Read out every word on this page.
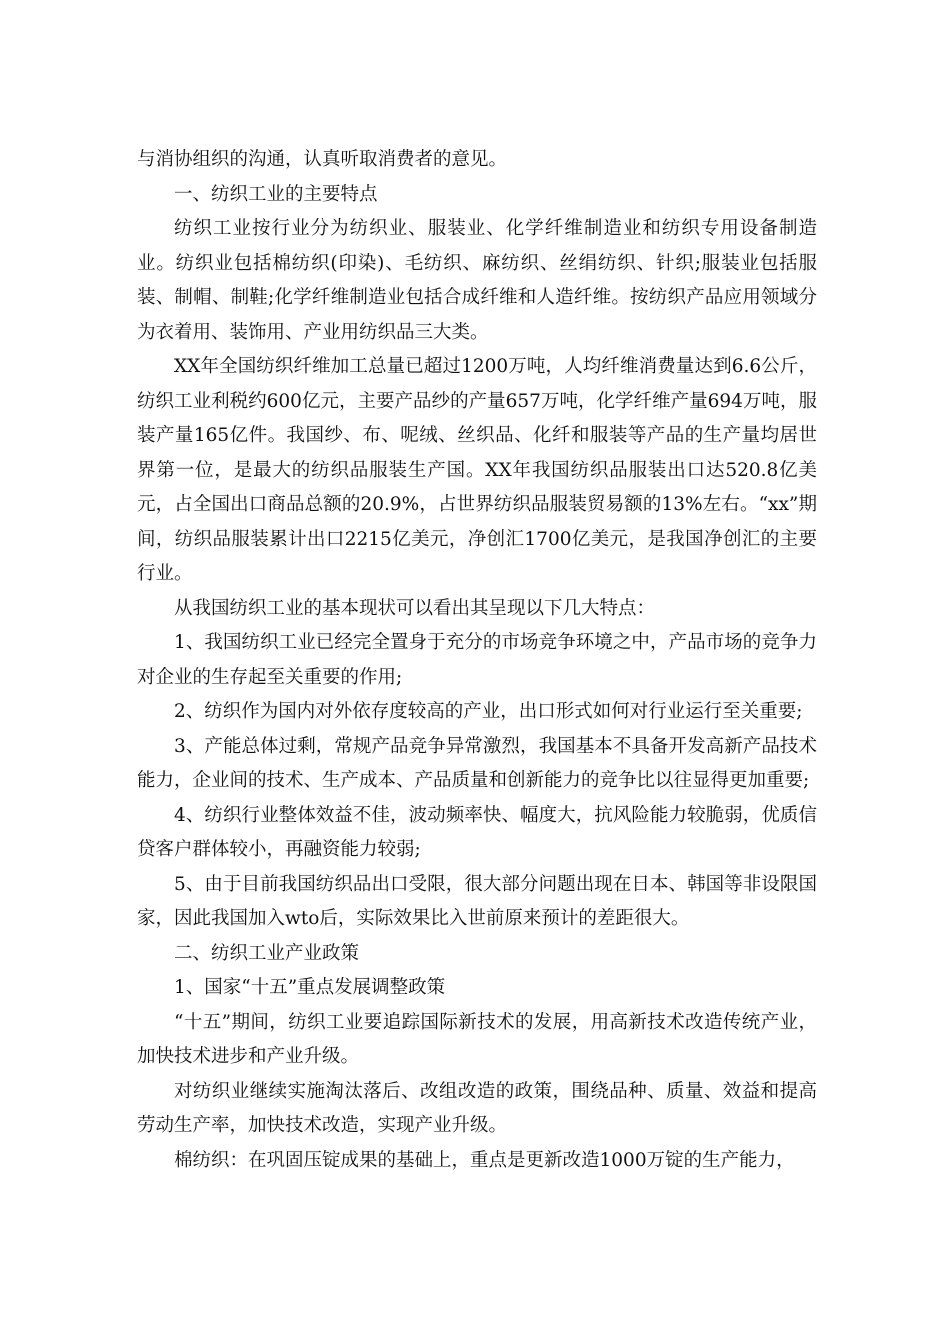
与消协组织的沟通，认真听取消费者的意见。

一、纺织工业的主要特点

纺织工业按行业分为纺织业、服装业、化学纤维制造业和纺织专用设备制造业。纺织业包括棉纺织(印染)、毛纺织、麻纺织、丝绢纺织、针织;服装业包括服装、制帽、制鞋;化学纤维制造业包括合成纤维和人造纤维。按纺织产品应用领域分为衣着用、装饰用、产业用纺织品三大类。

XX年全国纺织纤维加工总量已超过1200万吨，人均纤维消费量达到6.6公斤，纺织工业利税约600亿元，主要产品纱的产量657万吨，化学纤维产量694万吨，服装产量165亿件。我国纱、布、呢绒、丝织品、化纤和服装等产品的生产量均居世界第一位，是最大的纺织品服装生产国。XX年我国纺织品服装出口达520.8亿美元，占全国出口商品总额的20.9%，占世界纺织品服装贸易额的13%左右。“xx”期间，纺织品服装累计出口2215亿美元，净创汇1700亿美元，是我国净创汇的主要行业。

从我国纺织工业的基本现状可以看出其呈现以下几大特点：

1、我国纺织工业已经完全置身于充分的市场竞争环境之中，产品市场的竞争力对企业的生存起至关重要的作用;

2、纺织作为国内对外依存度较高的产业，出口形式如何对行业运行至关重要;

3、产能总体过剩，常规产品竞争异常激烈，我国基本不具备开发高新产品技术能力，企业间的技术、生产成本、产品质量和创新能力的竞争比以往显得更加重要;

4、纺织行业整体效益不佳，波动频率快、幅度大，抗风险能力较脆弱，优质信贷客户群体较小，再融资能力较弱;

5、由于目前我国纺织品出口受限，很大部分问题出现在日本、韩国等非设限国家，因此我国加入wto后，实际效果比入世前原来预计的差距很大。

二、纺织工业产业政策

1、国家“十五”重点发展调整政策

“十五”期间，纺织工业要追踪国际新技术的发展，用高新技术改造传统产业，加快技术进步和产业升级。

对纺织业继续实施淘汰落后、改组改造的政策，围绕品种、质量、效益和提高劳动生产率，加快技术改造，实现产业升级。

棉纺织：在巩固压锭成果的基础上，重点是更新改造1000万锭的生产能力，
